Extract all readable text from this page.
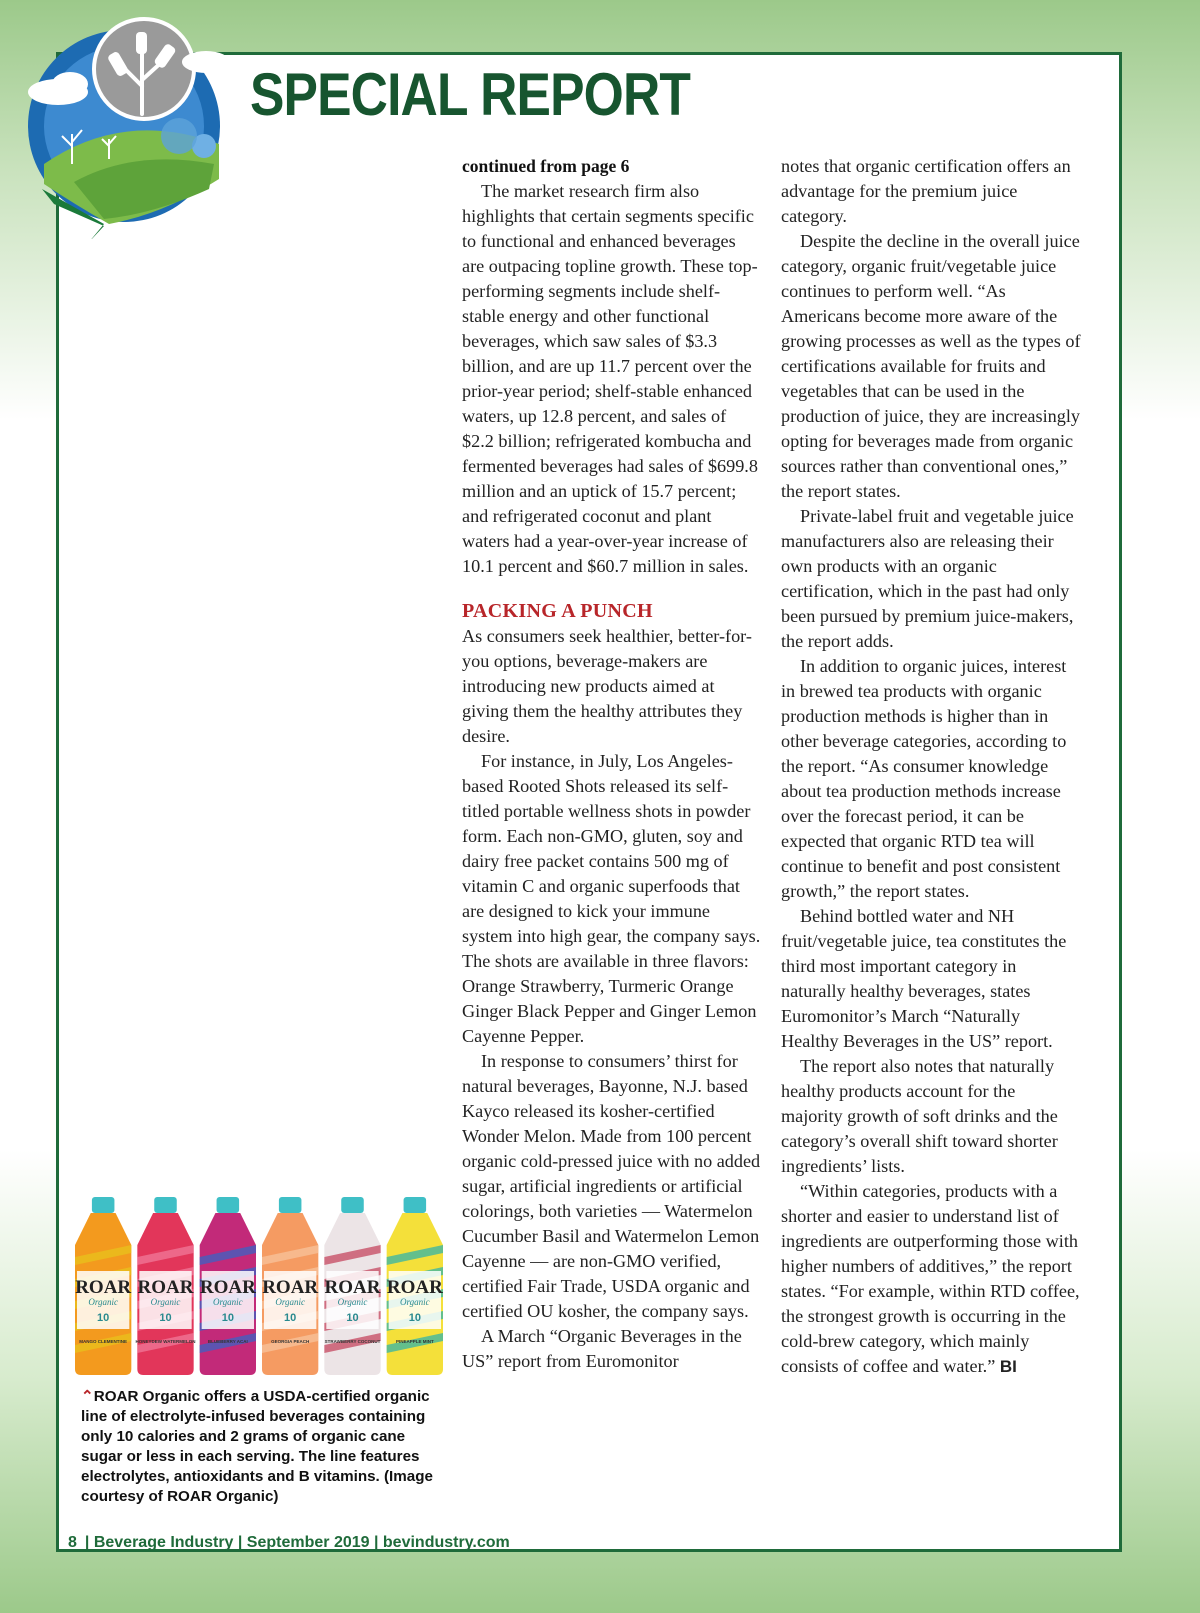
SPECIAL REPORT

continued from page 6

The market research firm also highlights that certain segments specific to functional and enhanced beverages are outpacing topline growth. These top-performing segments include shelf-stable energy and other functional beverages, which saw sales of $3.3 billion, and are up 11.7 percent over the prior-year period; shelf-stable enhanced waters, up 12.8 percent, and sales of $2.2 billion; refrigerated kombucha and fermented beverages had sales of $699.8 million and an uptick of 15.7 percent; and refrigerated coconut and plant waters had a year-over-year increase of 10.1 percent and $60.7 million in sales.

PACKING A PUNCH

As consumers seek healthier, better-for-you options, beverage-makers are introducing new products aimed at giving them the healthy attributes they desire.

For instance, in July, Los Angeles-based Rooted Shots released its self-titled portable wellness shots in powder form. Each non-GMO, gluten, soy and dairy free packet contains 500 mg of vitamin C and organic superfoods that are designed to kick your immune system into high gear, the company says. The shots are available in three flavors: Orange Strawberry, Turmeric Orange Ginger Black Pepper and Ginger Lemon Cayenne Pepper.

In response to consumers’ thirst for natural beverages, Bayonne, N.J. based Kayco released its kosher-certified Wonder Melon. Made from 100 percent organic cold-pressed juice with no added sugar, artificial ingredients or artificial colorings, both varieties — Watermelon Cucumber Basil and Watermelon Lemon Cayenne — are non-GMO verified, certified Fair Trade, USDA organic and certified OU kosher, the company says.

A March “Organic Beverages in the US” report from Euromonitor

notes that organic certification offers an advantage for the premium juice category.

Despite the decline in the overall juice category, organic fruit/vegetable juice continues to perform well. “As Americans become more aware of the growing processes as well as the types of certifications available for fruits and vegetables that can be used in the production of juice, they are increasingly opting for beverages made from organic sources rather than conventional ones,” the report states.

Private-label fruit and vegetable juice manufacturers also are releasing their own products with an organic certification, which in the past had only been pursued by premium juice-makers, the report adds.

In addition to organic juices, interest in brewed tea products with organic production methods is higher than in other beverage categories, according to the report. “As consumer knowledge about tea production methods increase over the forecast period, it can be expected that organic RTD tea will continue to benefit and post consistent growth,” the report states.

Behind bottled water and NH fruit/vegetable juice, tea constitutes the third most important category in naturally healthy beverages, states Euromonitor’s March “Naturally Healthy Beverages in the US” report.

The report also notes that naturally healthy products account for the majority growth of soft drinks and the category’s overall shift toward shorter ingredients’ lists.

“Within categories, products with a shorter and easier to understand list of ingredients are outperforming those with higher numbers of additives,” the report states. “For example, within RTD coffee, the strongest growth is occurring in the cold-brew category, which mainly consists of coffee and water.” BI

ROAR
Organic
10
MANGO CLEMENTINE
ROAR
Organic
10
HONEYDEW WATERMELON
ROAR
Organic
10
BLUEBERRY ACAI
ROAR
Organic
10
GEORGIA PEACH
ROAR
Organic
10
STRAWBERRY COCONUT
ROAR
Organic
10
PINEAPPLE MINT

⌃ROAR Organic offers a USDA-certified organic line of electrolyte-infused beverages containing only 10 calories and 2 grams of organic cane sugar or less in each serving. The line features electrolytes, antioxidants and B vitamins. (Image courtesy of ROAR Organic)

8 | Beverage Industry | September 2019 | bevindustry.com
